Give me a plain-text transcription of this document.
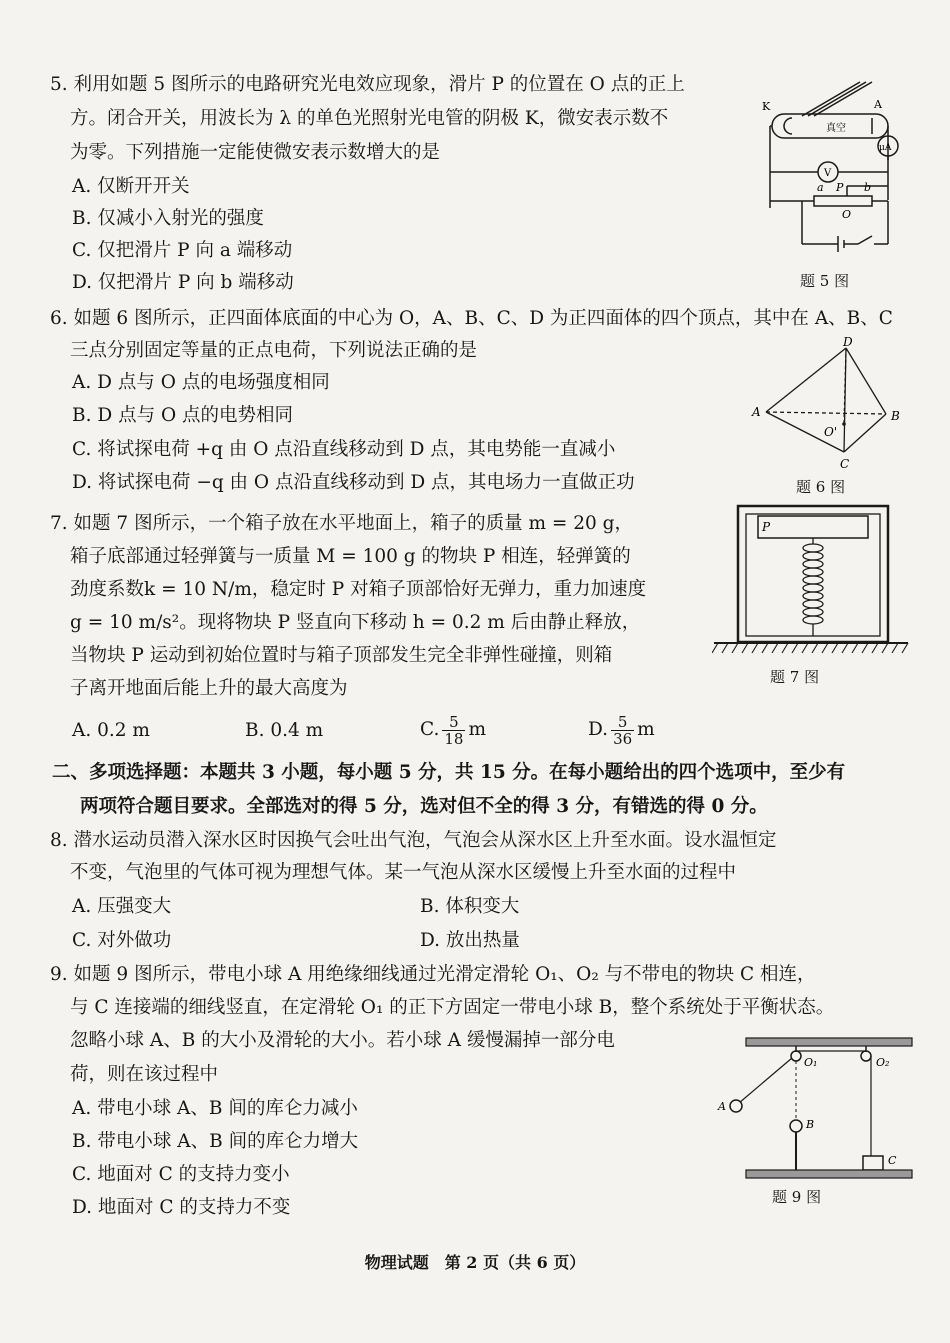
5. 利用如题 5 图所示的电路研究光电效应现象，滑片 P 的位置在 O 点的正上
方。闭合开关，用波长为 λ 的单色光照射光电管的阴极 K，微安表示数不
为零。下列措施一定能使微安表示数增大的是
A. 仅断开开关
B. 仅减小入射光的强度
C. 仅把滑片 P 向 a 端移动
D. 仅把滑片 P 向 b 端移动
K	A
真空
μA
V
a P b
O
题 5 图
6. 如题 6 图所示，正四面体底面的中心为 O，A、B、C、D 为正四面体的四个顶点，其中在 A、B、C
三点分别固定等量的正点电荷，下列说法正确的是
A. D 点与 O 点的电场强度相同
B. D 点与 O 点的电势相同
C. 将试探电荷 +q 由 O 点沿直线移动到 D 点，其电势能一直减小
D. 将试探电荷 −q 由 O 点沿直线移动到 D 点，其电场力一直做正功
D
A	B
C
O'
题 6 图
7. 如题 7 图所示，一个箱子放在水平地面上，箱子的质量 m = 20 g，
箱子底部通过轻弹簧与一质量 M = 100 g 的物块 P 相连，轻弹簧的
劲度系数k = 10 N/m，稳定时 P 对箱子顶部恰好无弹力，重力加速度
g = 10 m/s²。现将物块 P 竖直向下移动 h = 0.2 m 后由静止释放，
当物块 P 运动到初始位置时与箱子顶部发生完全非弹性碰撞，则箱
子离开地面后能上升的最大高度为
A. 0.2 m	B. 0.4 m	C. $\frac{5}{18}$ m	D. $\frac{5}{36}$ m
P
题 7 图
二、多项选择题：本题共 3 小题，每小题 5 分，共 15 分。在每小题给出的四个选项中，至少有
两项符合题目要求。全部选对的得 5 分，选对但不全的得 3 分，有错选的得 0 分。
8. 潜水运动员潜入深水区时因换气会吐出气泡，气泡会从深水区上升至水面。设水温恒定
不变，气泡里的气体可视为理想气体。某一气泡从深水区缓慢上升至水面的过程中
A. 压强变大	B. 体积变大
C. 对外做功	D. 放出热量
9. 如题 9 图所示，带电小球 A 用绝缘细线通过光滑定滑轮 O₁、O₂ 与不带电的物块 C 相连，
与 C 连接端的细线竖直，在定滑轮 O₁ 的正下方固定一带电小球 B，整个系统处于平衡状态。
忽略小球 A、B 的大小及滑轮的大小。若小球 A 缓慢漏掉一部分电
荷，则在该过程中
A. 带电小球 A、B 间的库仑力减小
B. 带电小球 A、B 间的库仑力增大
C. 地面对 C 的支持力变小
D. 地面对 C 的支持力不变
O₁	O₂
A
B
C
题 9 图
物理试题　第 2 页（共 6 页）
